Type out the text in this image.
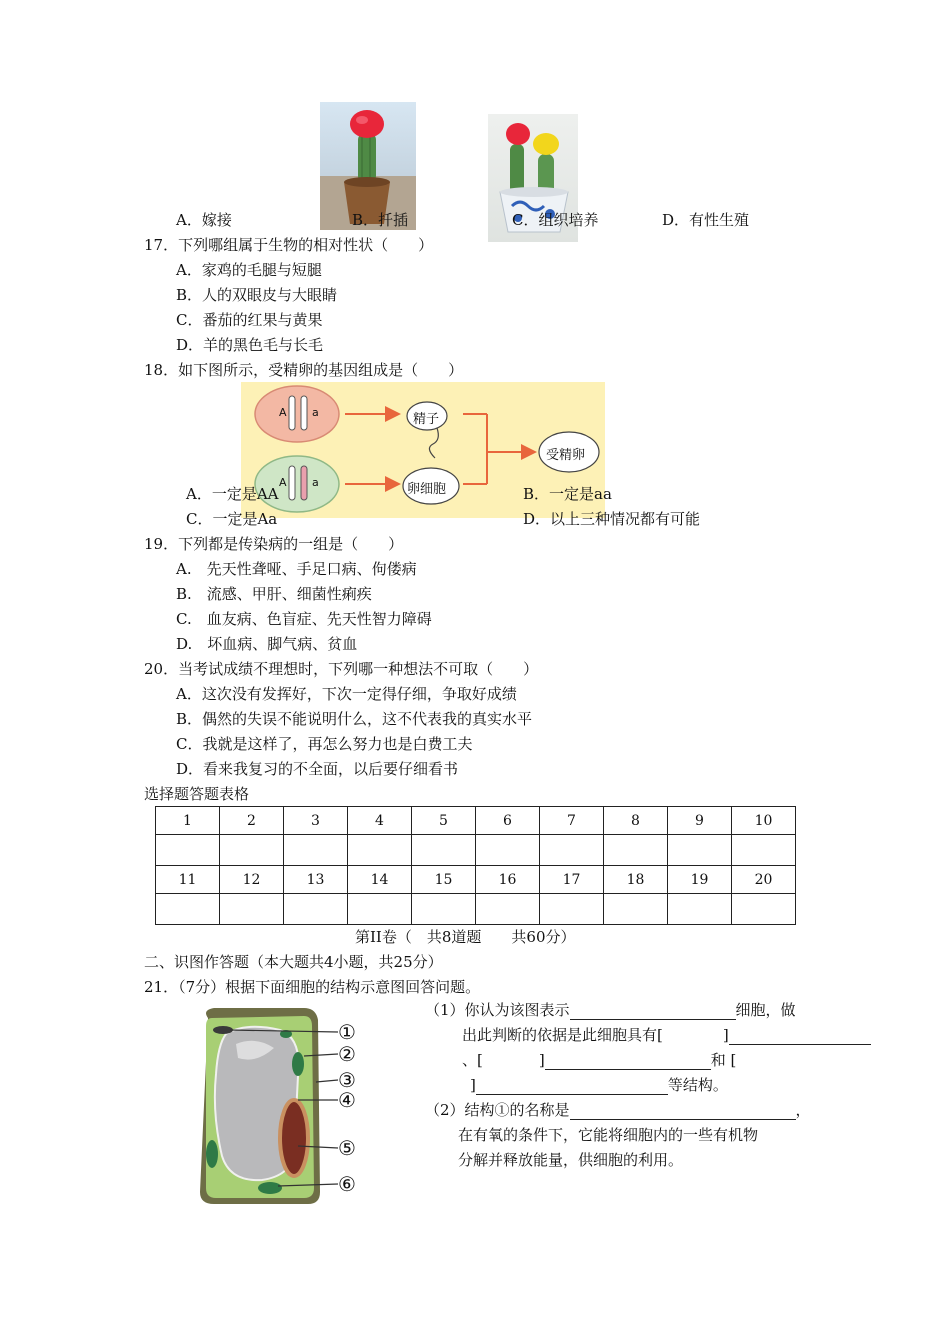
A．嫁接	B．扦插	C．组织培养	D．有性生殖
17．下列哪组属于生物的相对性状（　　）
A．家鸡的毛腿与短腿
B．人的双眼皮与大眼睛
C．番茄的红果与黄果
D．羊的黑色毛与长毛
18．如下图所示，受精卵的基因组成是（　　）
A a
A a
精子
卵细胞
受精卵
A．一定是AA	B．一定是aa
C．一定是Aa	D．以上三种情况都有可能
19．下列都是传染病的一组是（　　）
A.　先天性聋哑、手足口病、佝偻病
B.　流感、甲肝、细菌性痢疾
C.　血友病、色盲症、先天性智力障碍
D.　坏血病、脚气病、贫血
20．当考试成绩不理想时，下列哪一种想法不可取（　　）
A．这次没有发挥好，下次一定得仔细，争取好成绩
B．偶然的失误不能说明什么，这不代表我的真实水平
C．我就是这样了，再怎么努力也是白费工夫
D．看来我复习的不全面，以后要仔细看书
选择题答题表格
1	2	3	4	5	6	7	8	9	10

11	12	13	14	15	16	17	18	19	20

第II卷（　共8道题　　共60分）
二、识图作答题（本大题共4小题，共25分）
21．（7分）根据下面细胞的结构示意图回答问题。
①
②
③
④
⑤
⑥
（1）你认为该图表示	细胞，做
出此判断的依据是此细胞具有[	]
、[	]	和 [
]	等结构。
（2）结构①的名称是	，
在有氧的条件下，它能将细胞内的一些有机物
分解并释放能量，供细胞的利用。
